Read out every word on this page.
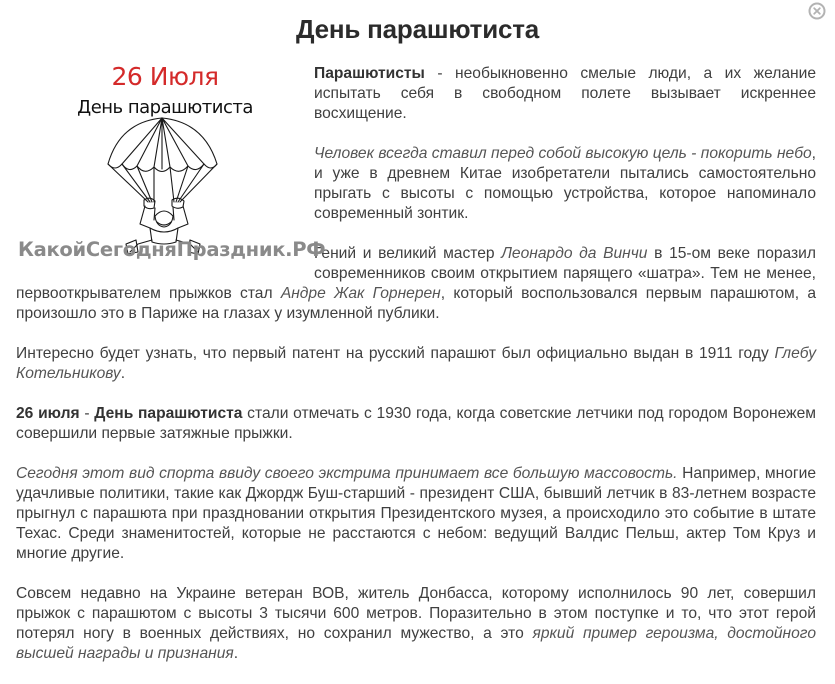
День парашютиста
26 Июля
День парашютиста
КакойСегодняПраздник.РФ

Парашютисты - необыкновенно смелые люди, а их желание испытать себя в свободном полете вызывает искреннее восхищение.

Человек всегда ставил перед собой высокую цель - покорить небо, и уже в древнем Китае изобретатели пытались самостоятельно прыгать с высоты с помощью устройства, которое напоминало современный зонтик.

Гений и великий мастер Леонардо да Винчи в 15-ом веке поразил современников своим открытием парящего «шатра». Тем не менее, первооткрывателем прыжков стал Андре Жак Горнерен, который воспользовался первым парашютом, а произошло это в Париже на глазах у изумленной публики.

Интересно будет узнать, что первый патент на русский парашют был официально выдан в 1911 году Глебу Котельникову.

26 июля - День парашютиста стали отмечать с 1930 года, когда советские летчики под городом Воронежем совершили первые затяжные прыжки.

Сегодня этот вид спорта ввиду своего экстрима принимает все большую массовость. Например, многие удачливые политики, такие как Джордж Буш-старший - президент США, бывший летчик в 83-летнем возрасте прыгнул с парашюта при праздновании открытия Президентского музея, а происходило это событие в штате Техас. Среди знаменитостей, которые не расстаются с небом: ведущий Валдис Пельш, актер Том Круз и многие другие.

Совсем недавно на Украине ветеран ВОВ, житель Донбасса, которому исполнилось 90 лет, совершил прыжок с парашютом с высоты 3 тысячи 600 метров. Поразительно в этом поступке и то, что этот герой потерял ногу в военных действиях, но сохранил мужество, а это яркий пример героизма, достойного высшей награды и признания.
